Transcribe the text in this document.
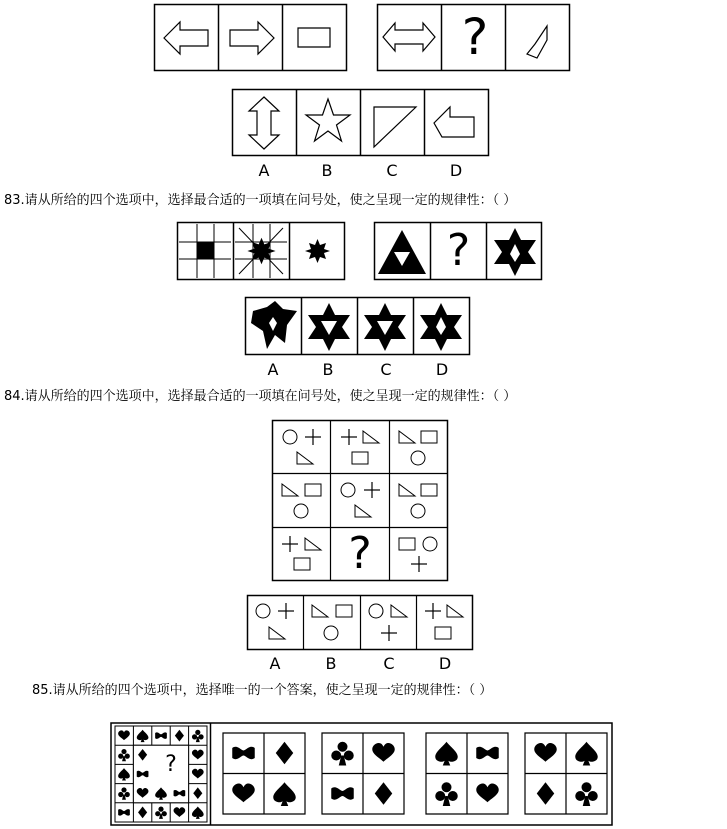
?
A	B	C	D
83.请从所给的四个选项中，选择最合适的一项填在问号处，使之呈现一定的规律性：（ ）
?
A	B	C	D
84.请从所给的四个选项中，选择最合适的一项填在问号处，使之呈现一定的规律性：（ ）
?
A	B	C	D
85.请从所给的四个选项中，选择唯一的一个答案，使之呈现一定的规律性：（ ）
?
